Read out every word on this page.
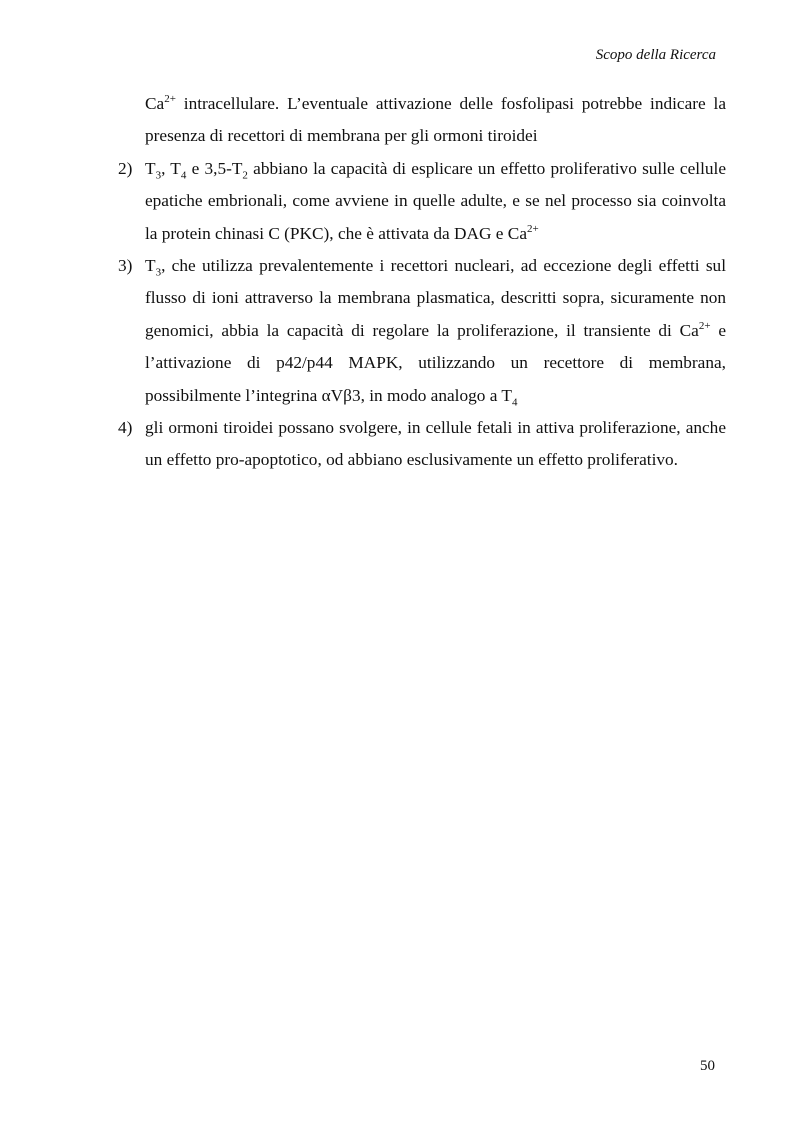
Scopo della Ricerca

$Ca^{2+}$ intracellulare. L’eventuale attivazione delle fosfolipasi potrebbe indicare la presenza di recettori di membrana per gli ormoni tiroidei

2) $T_3$, $T_4$ e $3,5-T_2$ abbiano la capacità di esplicare un effetto proliferativo sulle cellule epatiche embrionali, come avviene in quelle adulte, e se nel processo sia coinvolta la protein chinasi C (PKC), che è attivata da DAG e $Ca^{2+}$

3) $T_3$, che utilizza prevalentemente i recettori nucleari, ad eccezione degli effetti sul flusso di ioni attraverso la membrana plasmatica, descritti sopra, sicuramente non genomici, abbia la capacità di regolare la proliferazione, il transiente di $Ca^{2+}$ e l’attivazione di p42/p44 MAPK, utilizzando un recettore di membrana, possibilmente l’integrina αVβ3, in modo analogo a $T_4$

4) gli ormoni tiroidei possano svolgere, in cellule fetali in attiva proliferazione, anche un effetto pro-apoptotico, od abbiano esclusivamente un effetto proliferativo.

50
